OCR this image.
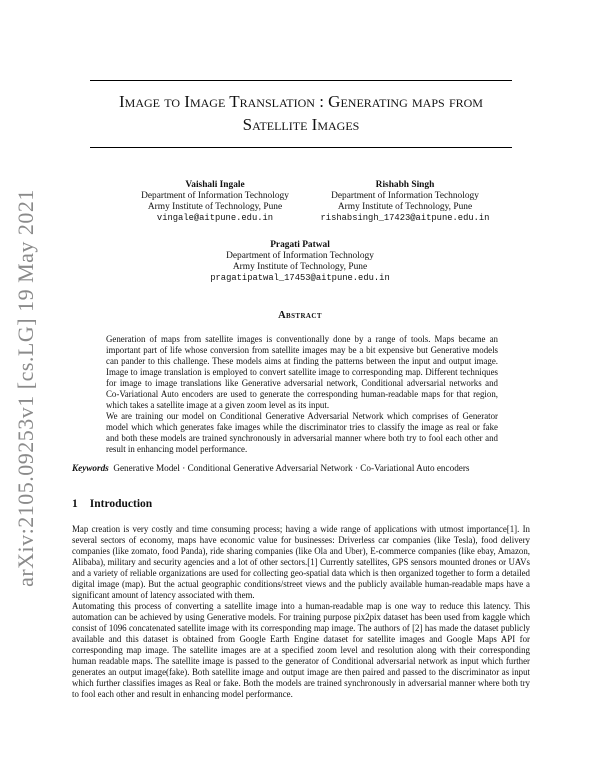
arXiv:2105.09253v1 [cs.LG] 19 May 2021
Image to Image Translation : Generating maps from
Satellite Images
Vaishali Ingale
Department of Information Technology
Army Institute of Technology, Pune
vingale@aitpune.edu.in
Rishabh Singh
Department of Information Technology
Army Institute of Technology, Pune
rishabsingh_17423@aitpune.edu.in
Pragati Patwal
Department of Information Technology
Army Institute of Technology, Pune
pragatipatwal_17453@aitpune.edu.in
Abstract

Generation of maps from satellite images is conventionally done by a range of tools. Maps became an important part of life whose conversion from satellite images may be a bit expensive but Generative models can pander to this challenge. These models aims at finding the patterns between the input and output image. Image to image translation is employed to convert satellite image to corresponding map. Different techniques for image to image translations like Generative adversarial network, Conditional adversarial networks and Co-Variational Auto encoders are used to generate the corresponding human-readable maps for that region, which takes a satellite image at a given zoom level as its input.

We are training our model on Conditional Generative Adversarial Network which comprises of Generator model which which generates fake images while the discriminator tries to classify the image as real or fake and both these models are trained synchronously in adversarial manner where both try to fool each other and result in enhancing model performance.

Keywords Generative Model · Conditional Generative Adversarial Network · Co-Variational Auto encoders
1 Introduction

Map creation is very costly and time consuming process; having a wide range of applications with utmost importance[1]. In several sectors of economy, maps have economic value for businesses: Driverless car companies (like Tesla), food delivery companies (like zomato, food Panda), ride sharing companies (like Ola and Uber), E-commerce companies (like ebay, Amazon, Alibaba), military and security agencies and a lot of other sectors.[1] Currently satellites, GPS sensors mounted drones or UAVs and a variety of reliable organizations are used for collecting geo-spatial data which is then organized together to form a detailed digital image (map). But the actual geographic conditions/street views and the publicly available human-readable maps have a significant amount of latency associated with them.

Automating this process of converting a satellite image into a human-readable map is one way to reduce this latency. This automation can be achieved by using Generative models. For training purpose pix2pix dataset has been used from kaggle which consist of 1096 concatenated satellite image with its corresponding map image. The authors of [2] has made the dataset publicly available and this dataset is obtained from Google Earth Engine dataset for satellite images and Google Maps API for corresponding map image. The satellite images are at a specified zoom level and resolution along with their corresponding human readable maps. The satellite image is passed to the generator of Conditional adversarial network as input which further generates an output image(fake). Both satellite image and output image are then paired and passed to the discriminator as input which further classifies images as Real or fake. Both the models are trained synchronously in adversarial manner where both try to fool each other and result in enhancing model performance.
